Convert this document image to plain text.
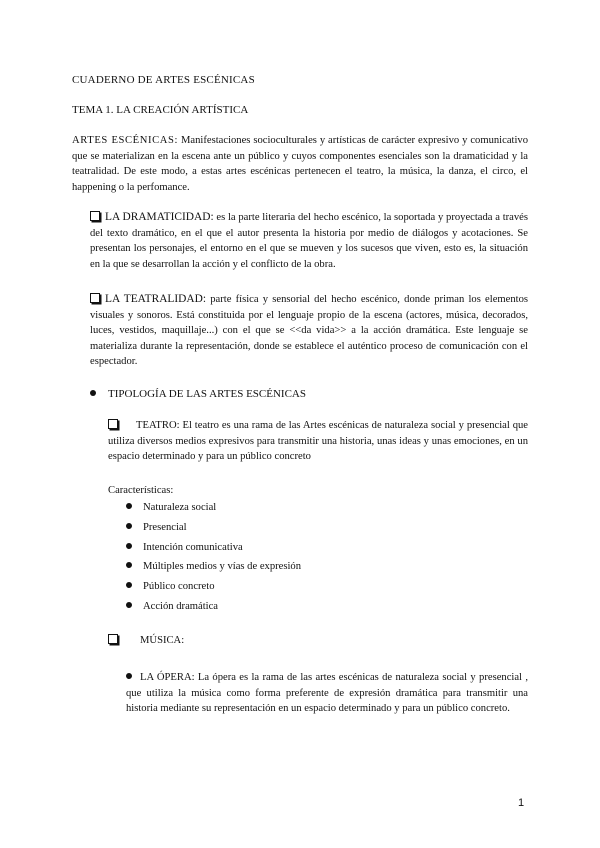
CUADERNO DE ARTES ESCÉNICAS
TEMA 1. LA CREACIÓN ARTÍSTICA

ARTES ESCÉNICAS: Manifestaciones socioculturales y artísticas de carácter expresivo y comunicativo que se materializan en la escena ante un público y cuyos componentes esenciales son la dramaticidad y la teatralidad. De este modo, a estas artes escénicas pertenecen el teatro, la música, la danza, el circo, el happening o la perfomance.

LA DRAMATICIDAD: es la parte literaria del hecho escénico, la soportada y proyectada a través del texto dramático, en el que el autor presenta la historia por medio de diálogos y acotaciones. Se presentan los personajes, el entorno en el que se mueven y los sucesos que viven, esto es, la situación en la que se desarrollan la acción y el conflicto de la obra.

LA TEATRALIDAD: parte física y sensorial del hecho escénico, donde priman los elementos visuales y sonoros. Está constituida por el lenguaje propio de la escena (actores, música, decorados, luces, vestidos, maquillaje...) con el que se <<da vida>> a la acción dramática. Este lenguaje se materializa durante la representación, donde se establece el auténtico proceso de comunicación con el espectador.

TIPOLOGÍA DE LAS ARTES ESCÉNICAS

TEATRO: El teatro es una rama de las Artes escénicas de naturaleza social y presencial que utiliza diversos medios expresivos para transmitir una historia, unas ideas y unas emociones, en un espacio determinado y para un público concreto

Características:
Naturaleza social
Presencial
Intención comunicativa
Múltiples medios y vías de expresión
Público concreto
Acción dramática
MÚSICA:

LA ÓPERA: La ópera es la rama de las artes escénicas de naturaleza social y presencial , que utiliza la música como forma preferente de expresión dramática para transmitir una historia mediante su representación en un espacio determinado y para un público concreto.

1
